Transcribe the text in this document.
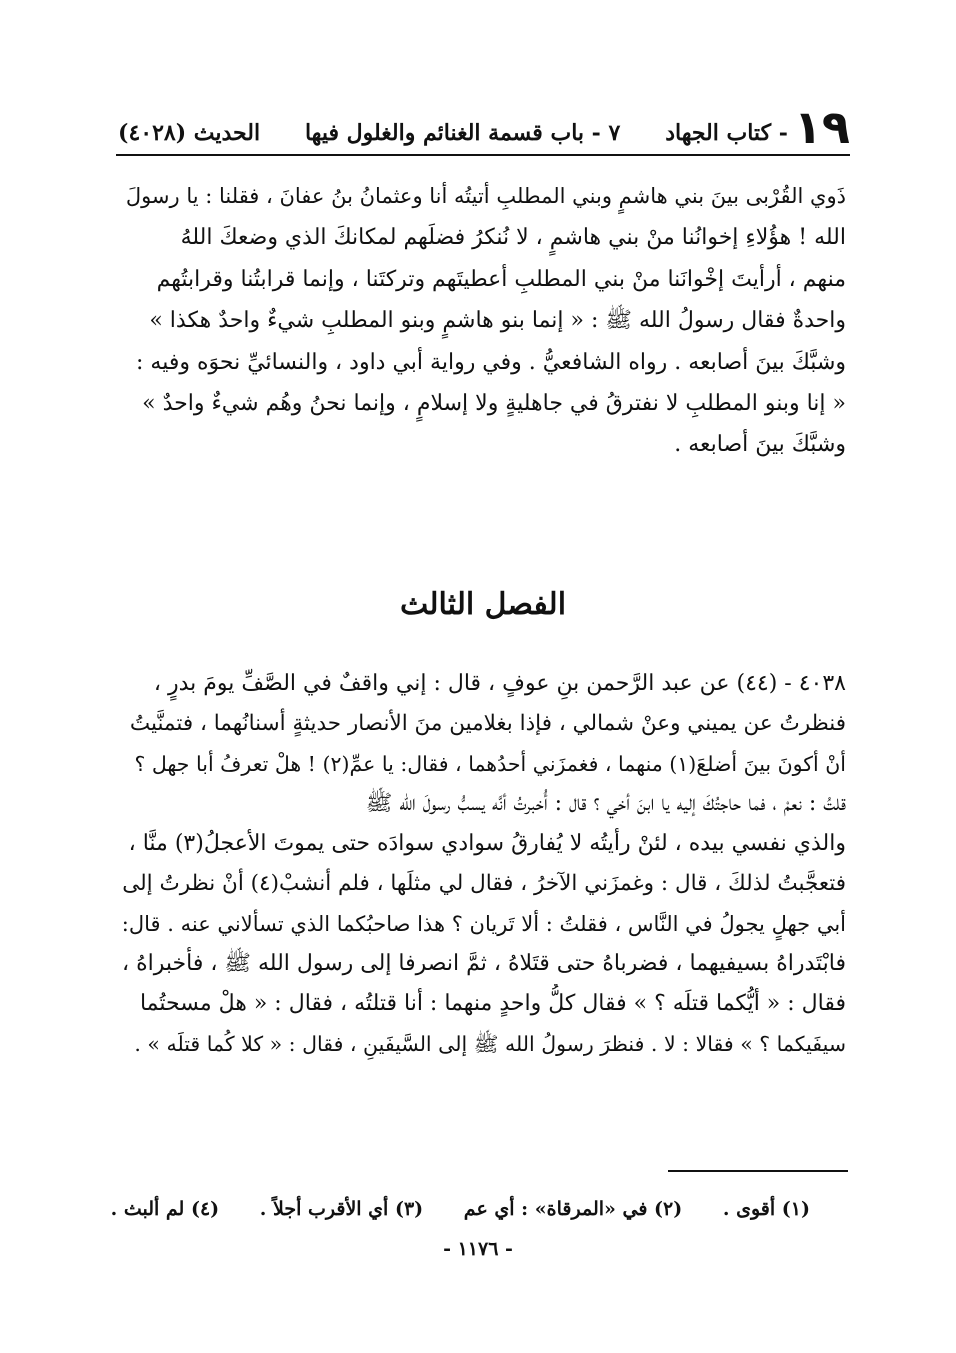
١٩
- كتاب الجهاد
٧ - باب قسمة الغنائم والغلول فيها
الحديث (٤٠٢٨)
ذَوي القُرْبى بينَ بني هاشمٍ وبني المطلبِ أتيتُه أنا وعثمانُ بنُ عفانَ ، فقلنا : يا رسولَ
الله ! هؤُلاءِ إخوانُنا منْ بني هاشمٍ ، لا نُنكرُ فضلَهم لمكانكَ الذي وضعكَ اللهُ
منهم ، أرأيتَ إخْوانَنا منْ بني المطلبِ أعطيتَهم وتركتَنا ، وإنما قرابتُنا وقرابتُهم
واحدةٌ فقال رسولُ الله ﷺ : « إنما بنو هاشمٍ وبنو المطلبِ شيءٌ واحدٌ هكذا »
وشبَّكَ بينَ أصابعه . رواه الشافعيُّ . وفي رواية أبي داود ، والنسائيِّ نحوَه وفيه :
« إنا وبنو المطلبِ لا نفترقُ في جاهليةٍ ولا إسلامٍ ، وإنما نحنُ وهُم شيءٌ واحدٌ »
وشبَّكَ بينَ أصابعه .
الفصل الثالث
٤٠٣٨ - (٤٤) عن عبد الرَّحمن بنِ عوفٍ ، قال : إني واقفٌ في الصَّفِّ يومَ بدرٍ ،
فنظرتُ عن يميني وعنْ شمالي ، فإذا بغلامين منَ الأنصار حديثةٍ أسنانُهما ، فتمنَّيتُ
أنْ أكونَ بينَ أضلعَ(١) منهما ، فغمزَني أحدُهما ، فقال: يا عمِّ(٢) ! هلْ تعرفُ أبا جهل ؟
قلتُ : نعمْ ، فما حاجتُكَ إليه يا ابنَ أخي ؟ قال : أُخبرتُ أنَّه يسبُّ رسولَ الله ﷺ
والذي نفسي بيده ، لئنْ رأيتُه لا يُفارقُ سوادي سوادَه حتى يموتَ الأعجلُ(٣) منَّا ،
فتعجَّبتُ لذلكَ ، قال : وغمزَني الآخرُ ، فقال لي مثلَها ، فلم أنشبْ(٤) أنْ نظرتُ إلى
أبي جهلٍ يجولُ في النَّاس ، فقلتُ : ألا تَريان ؟ هذا صاحبُكما الذي تسألاني عنه . قال:
فابْتَدراهُ بسيفيهما ، فضرباهُ حتى قتَلاهُ ، ثمَّ انصرفا إلى رسول الله ﷺ ، فأخبراهُ ،
فقال : « أيُّكما قتلَه ؟ » فقال كلُّ واحدٍ منهما : أنا قتلتُه ، فقال : « هلْ مسحتُما
سيفَيكما ؟ » فقالا : لا . فنظرَ رسولُ الله ﷺ إلى السَّيفَينِ ، فقال : « كلا كُما قتلَه » .
(١) أقوى . (٢) في «المرقاة» : أي عم (٣) أي الأقرب أجلاً . (٤) لم ألبث .
- ١١٧٦ -
